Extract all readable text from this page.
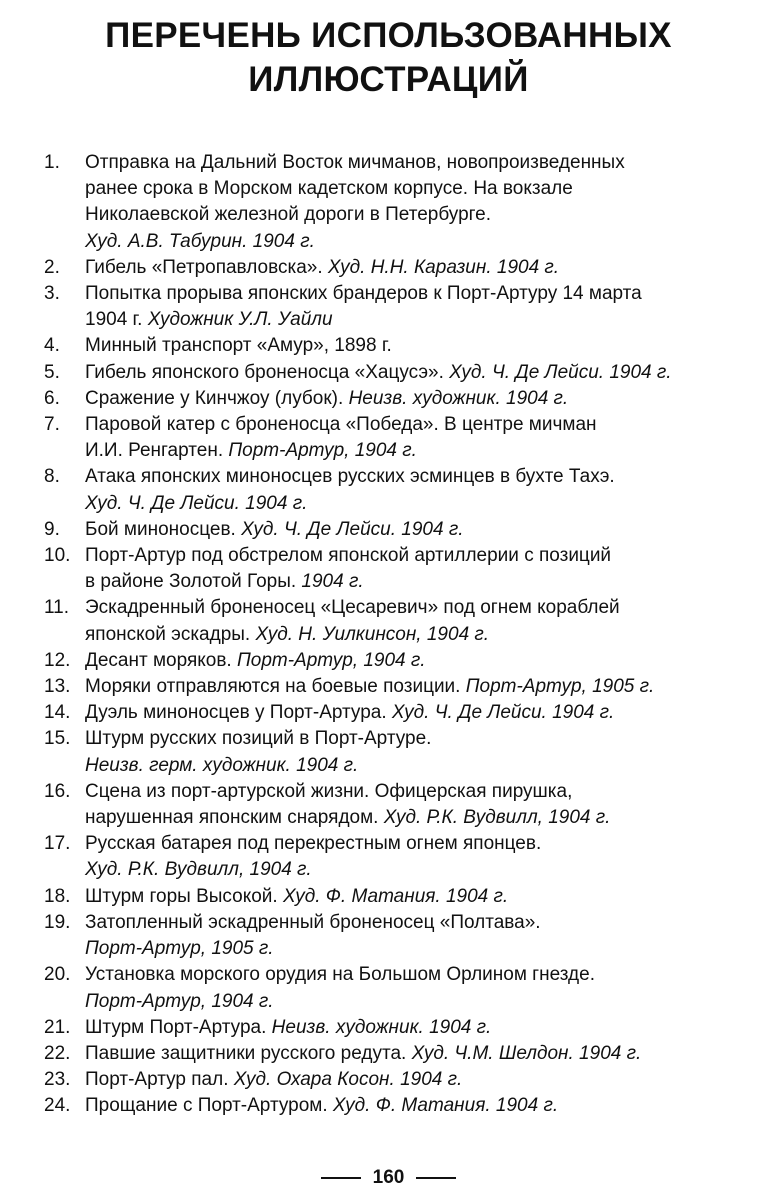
ПЕРЕЧЕНЬ ИСПОЛЬЗОВАННЫХ
ИЛЛЮСТРАЦИЙ
1.	Отправка на Дальний Восток мичманов, новопроизведенных
ранее срока в Морском кадетском корпусе. На вокзале
Николаевской железной дороги в Петербурге.
Худ. А.В. Табурин. 1904 г.
2.	Гибель «Петропавловска». Худ. Н.Н. Каразин. 1904 г.
3.	Попытка прорыва японских брандеров к Порт-Артуру 14 марта
1904 г. Художник У.Л. Уайли
4.	Минный транспорт «Амур», 1898 г.
5.	Гибель японского броненосца «Хацусэ». Худ. Ч. Де Лейси. 1904 г.
6.	Сражение у Кинчжоу (лубок). Неизв. художник. 1904 г.
7.	Паровой катер с броненосца «Победа». В центре мичман
И.И. Ренгартен. Порт-Артур, 1904 г.
8.	Атака японских миноносцев русских эсминцев в бухте Тахэ.
Худ. Ч. Де Лейси. 1904 г.
9.	Бой миноносцев. Худ. Ч. Де Лейси. 1904 г.
10. Порт-Артур под обстрелом японской артиллерии с позиций
в районе Золотой Горы. 1904 г.
11. Эскадренный броненосец «Цесаревич» под огнем кораблей
японской эскадры. Худ. Н. Уилкинсон, 1904 г.
12. Десант моряков. Порт-Артур, 1904 г.
13. Моряки отправляются на боевые позиции. Порт-Артур, 1905 г.
14. Дуэль миноносцев у Порт-Артура. Худ. Ч. Де Лейси. 1904 г.
15. Штурм русских позиций в Порт-Артуре.
Неизв. герм. художник. 1904 г.
16. Сцена из порт-артурской жизни. Офицерская пирушка,
нарушенная японским снарядом. Худ. Р.К. Вудвилл, 1904 г.
17. Русская батарея под перекрестным огнем японцев.
Худ. Р.К. Вудвилл, 1904 г.
18. Штурм горы Высокой. Худ. Ф. Матания. 1904 г.
19. Затопленный эскадренный броненосец «Полтава».
Порт-Артур, 1905 г.
20. Установка морского орудия на Большом Орлином гнезде.
Порт-Артур, 1904 г.
21. Штурм Порт-Артура. Неизв. художник. 1904 г.
22. Павшие защитники русского редута. Худ. Ч.М. Шелдон. 1904 г.
23. Порт-Артур пал. Худ. Охара Косон. 1904 г.
24. Прощание с Порт-Артуром. Худ. Ф. Матания. 1904 г.
160
